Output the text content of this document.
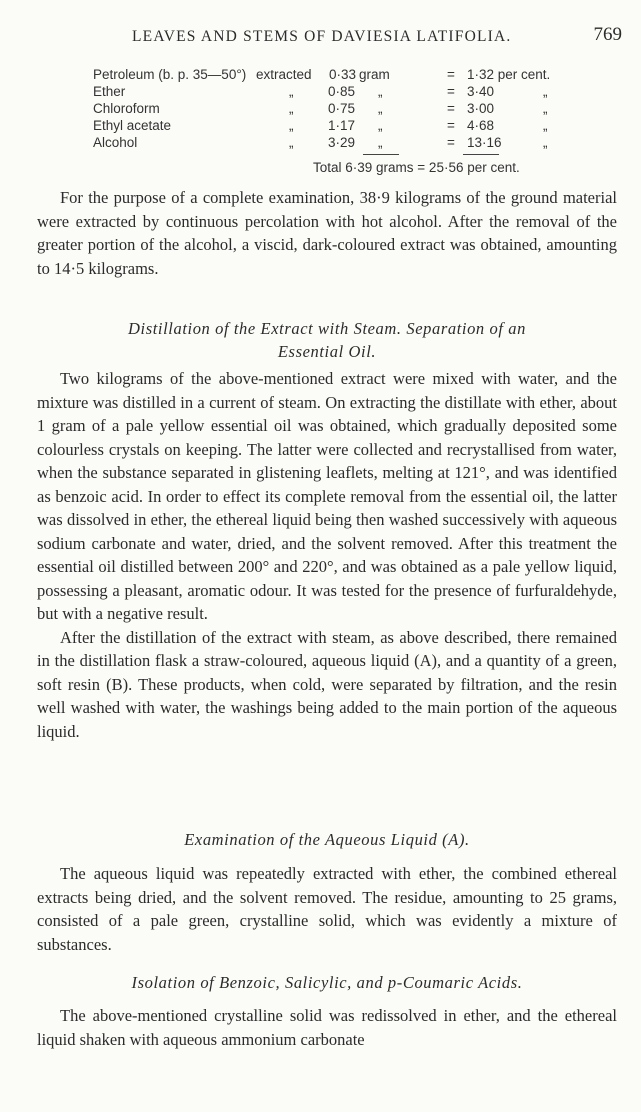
LEAVES AND STEMS OF DAVIESIA LATIFOLIA.	769
Petroleum (b. p. 35—50°) extracted 0·33 gram	= 1·32 per cent.
Ether	„	0·85 „	= 3·40	„
Chloroform	„	0·75 „	= 3·00	„
Ethyl acetate	„	1·17 „	= 4·68	„
Alcohol	„	3·29 „	= 13·16	„
Total 6·39 grams = 25·56 per cent.

For the purpose of a complete examination, 38·9 kilograms of the ground material were extracted by continuous percolation with hot alcohol. After the removal of the greater portion of the alcohol, a viscid, dark-coloured extract was obtained, amounting to 14·5 kilograms.

Distillation of the Extract with Steam. Separation of an
Essential Oil.

Two kilograms of the above-mentioned extract were mixed with water, and the mixture was distilled in a current of steam. On extracting the distillate with ether, about 1 gram of a pale yellow essential oil was obtained, which gradually deposited some colourless crystals on keeping. The latter were collected and recrystallised from water, when the substance separated in glistening leaflets, melting at 121°, and was identified as benzoic acid. In order to effect its complete removal from the essential oil, the latter was dissolved in ether, the ethereal liquid being then washed successively with aqueous sodium carbonate and water, dried, and the solvent removed. After this treatment the essential oil distilled between 200° and 220°, and was obtained as a pale yellow liquid, possessing a pleasant, aromatic odour. It was tested for the presence of furfuraldehyde, but with a negative result.

After the distillation of the extract with steam, as above described, there remained in the distillation flask a straw-coloured, aqueous liquid (A), and a quantity of a green, soft resin (B). These products, when cold, were separated by filtration, and the resin well washed with water, the washings being added to the main portion of the aqueous liquid.

Examination of the Aqueous Liquid (A).

The aqueous liquid was repeatedly extracted with ether, the combined ethereal extracts being dried, and the solvent removed. The residue, amounting to 25 grams, consisted of a pale green, crystalline solid, which was evidently a mixture of substances.

Isolation of Benzoic, Salicylic, and p-Coumaric Acids.

The above-mentioned crystalline solid was redissolved in ether, and the ethereal liquid shaken with aqueous ammonium carbonate
